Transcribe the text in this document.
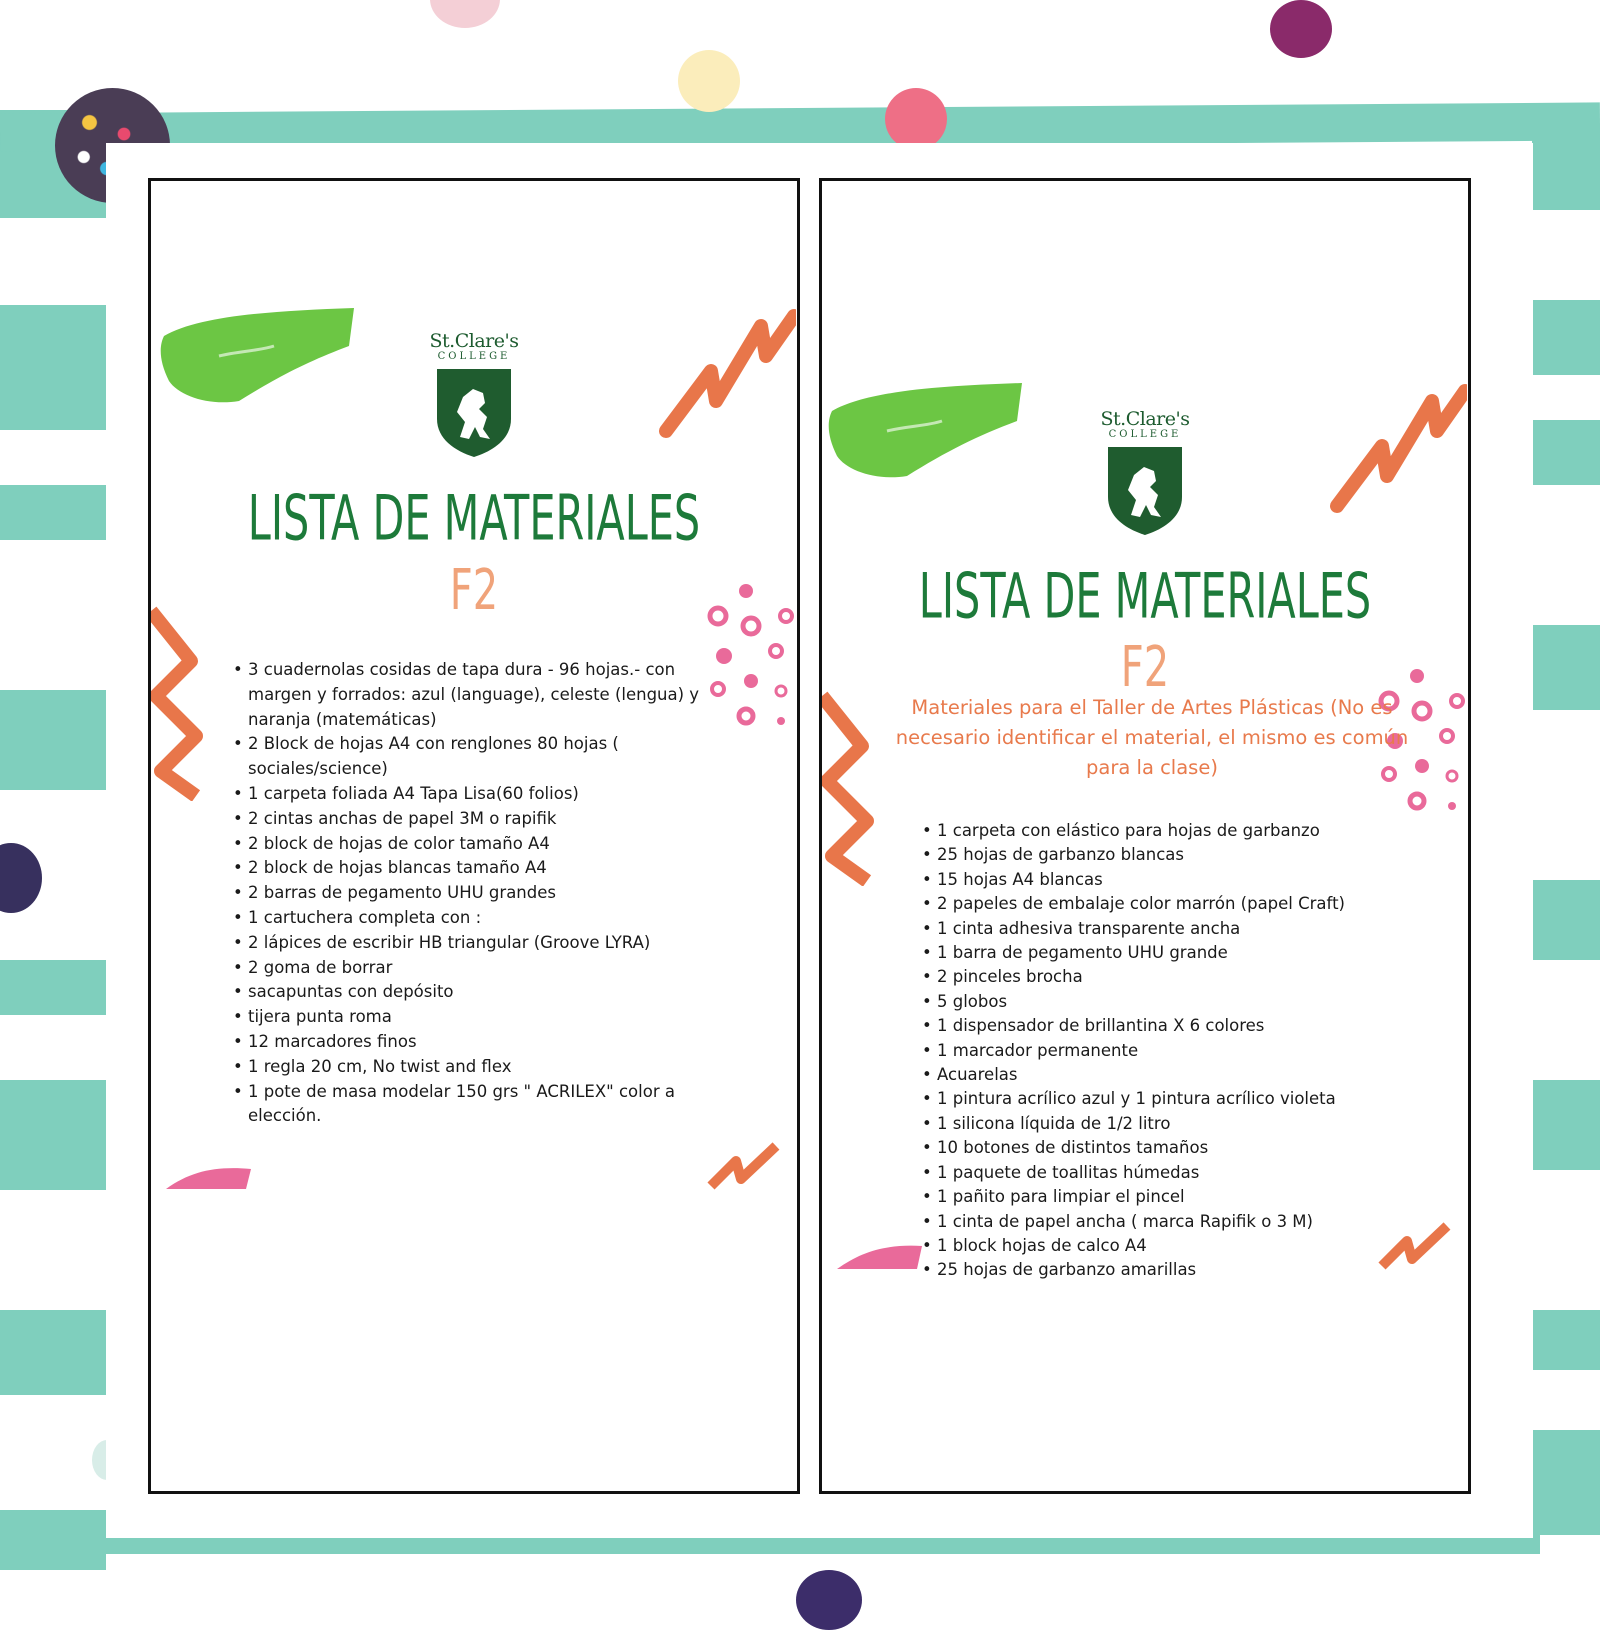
St.Clare's
COLLEGE
LISTA DE MATERIALES
F2
• 3 cuadernolas cosidas de tapa dura - 96 hojas.- con margen y forrados: azul (language), celeste (lengua) y naranja (matemáticas)
• 2 Block de hojas A4 con renglones 80 hojas ( sociales/science)
• 1 carpeta foliada A4 Tapa Lisa(60 folios)
• 2 cintas anchas de papel 3M o rapifik
• 2 block de hojas de color tamaño A4
• 2 block de hojas blancas tamaño A4
• 2 barras de pegamento UHU grandes
• 1 cartuchera completa con :
• 2 lápices de escribir HB triangular (Groove LYRA)
• 2 goma de borrar
• sacapuntas con depósito
• tijera punta roma
• 12 marcadores finos
• 1 regla 20 cm, No twist and flex
• 1 pote de masa modelar 150 grs " ACRILEX" color a elección.
St.Clare's
COLLEGE
LISTA DE MATERIALES
F2
Materiales para el Taller de Artes Plásticas (No es necesario identificar el material, el mismo es común para la clase)
• 1 carpeta con elástico para hojas de garbanzo
• 25 hojas de garbanzo blancas
• 15 hojas A4 blancas
• 2 papeles de embalaje color marrón (papel Craft)
• 1 cinta adhesiva transparente ancha
• 1 barra de pegamento UHU grande
• 2 pinceles brocha
• 5 globos
• 1 dispensador de brillantina X 6 colores
• 1 marcador permanente
• Acuarelas
• 1 pintura acrílico azul y 1 pintura acrílico violeta
• 1 silicona líquida de 1/2 litro
• 10 botones de distintos tamaños
• 1 paquete de toallitas húmedas
• 1 pañito para limpiar el pincel
• 1 cinta de papel ancha ( marca Rapifik o 3 M)
• 1 block hojas de calco A4
• 25 hojas de garbanzo amarillas
